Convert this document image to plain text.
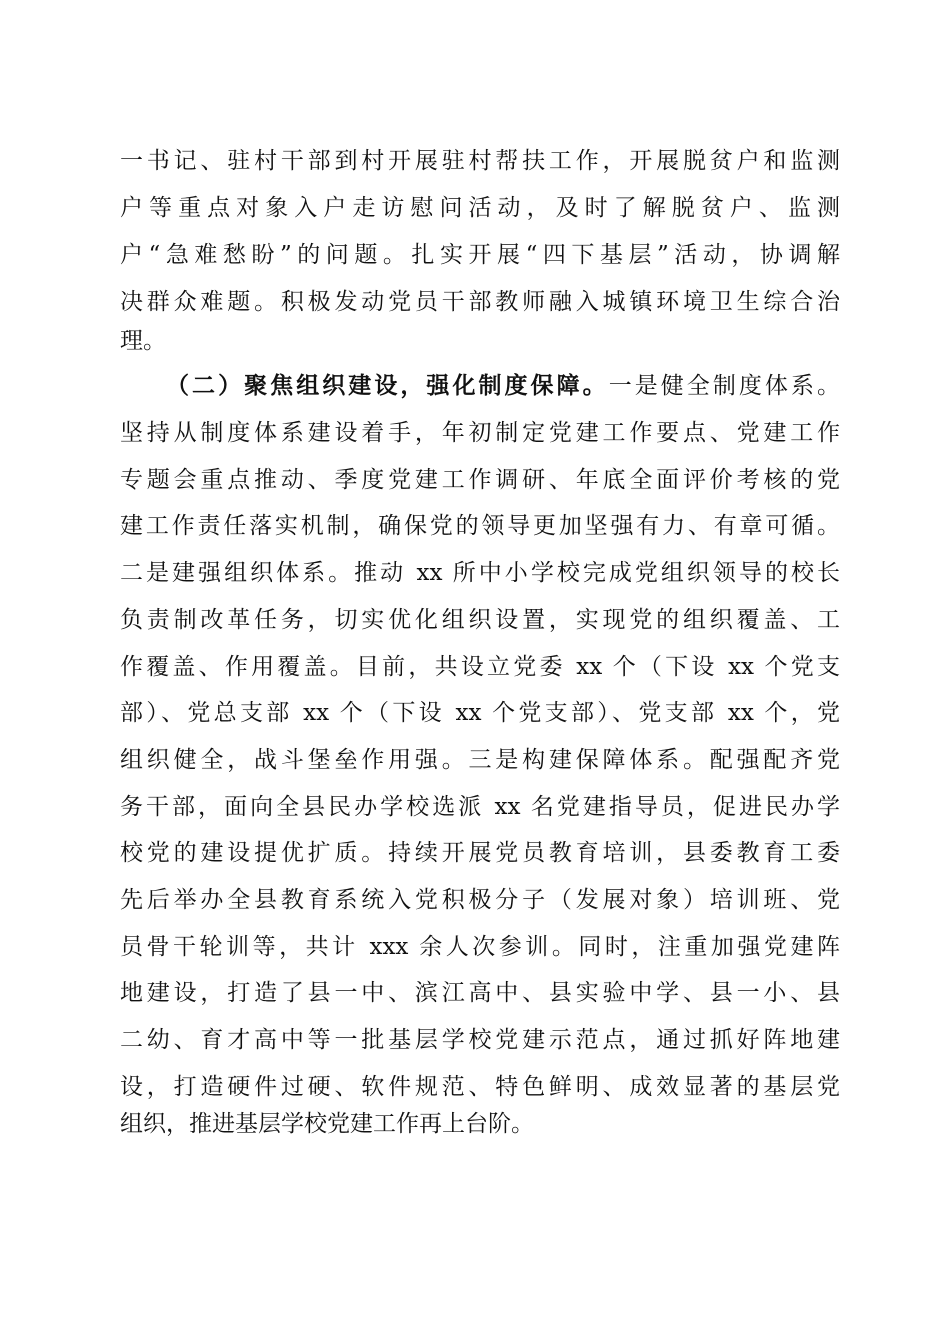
一书记、驻村干部到村开展驻村帮扶工作，开展脱贫户和监测
户等重点对象入户走访慰问活动，及时了解脱贫户、监测
户“急难愁盼”的问题。扎实开展“四下基层”活动，协调解
决群众难题。积极发动党员干部教师融入城镇环境卫生综合治
理。
（二）聚焦组织建设，强化制度保障。一是健全制度体系。
坚持从制度体系建设着手，年初制定党建工作要点、党建工作
专题会重点推动、季度党建工作调研、年底全面评价考核的党
建工作责任落实机制，确保党的领导更加坚强有力、有章可循。
二是建强组织体系。推动 xx 所中小学校完成党组织领导的校长
负责制改革任务，切实优化组织设置，实现党的组织覆盖、工
作覆盖、作用覆盖。目前，共设立党委 xx 个（下设 xx 个党支
部）、党总支部 xx 个（下设 xx 个党支部）、党支部 xx 个，党
组织健全，战斗堡垒作用强。三是构建保障体系。配强配齐党
务干部，面向全县民办学校选派 xx 名党建指导员，促进民办学
校党的建设提优扩质。持续开展党员教育培训，县委教育工委
先后举办全县教育系统入党积极分子（发展对象）培训班、党
员骨干轮训等，共计 xxx 余人次参训。同时，注重加强党建阵
地建设，打造了县一中、滨江高中、县实验中学、县一小、县
二幼、育才高中等一批基层学校党建示范点，通过抓好阵地建
设，打造硬件过硬、软件规范、特色鲜明、成效显著的基层党
组织，推进基层学校党建工作再上台阶。
